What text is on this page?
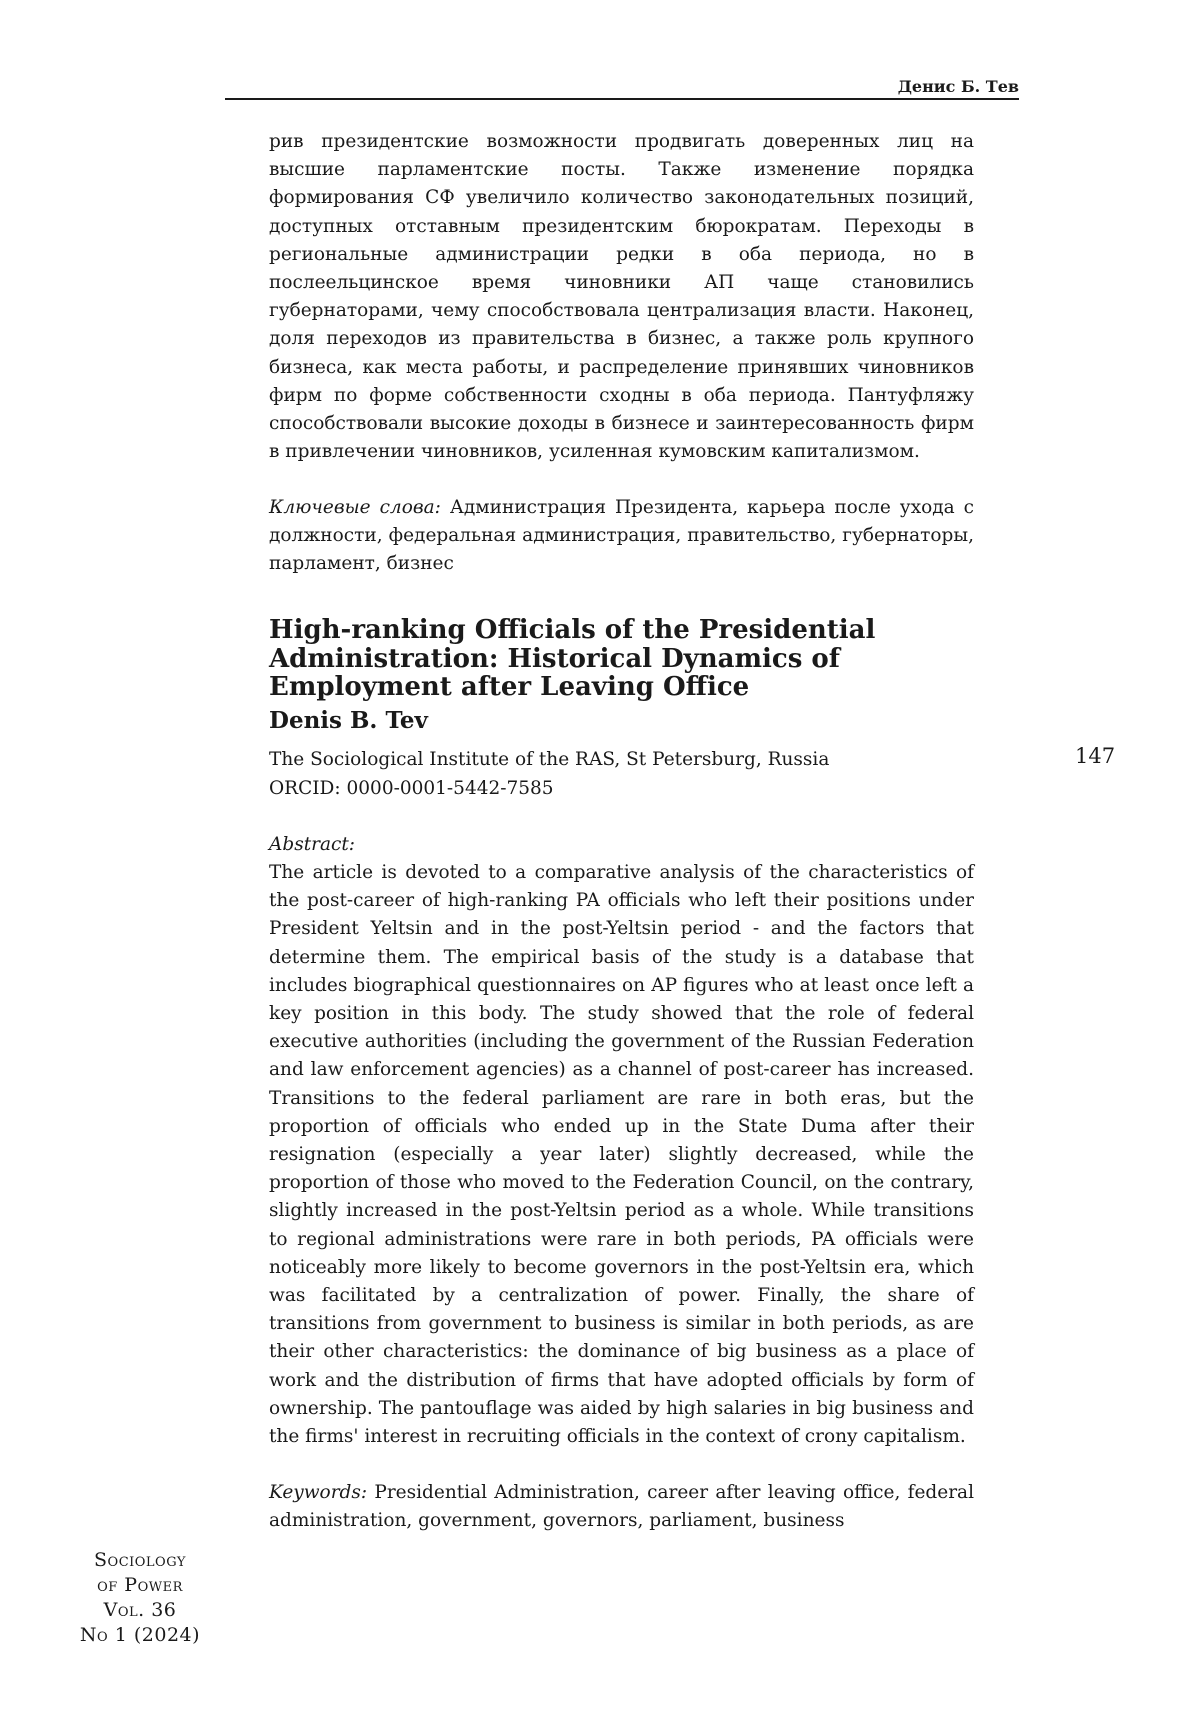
Денис Б. Тев

рив президентские возможности продвигать доверенных лиц на высшие парламентские посты. Также изменение порядка формирования СФ увеличило количество законодательных позиций, доступных отставным президентским бюрократам. Переходы в региональные администрации редки в оба периода, но в послеельцинское время чиновники АП чаще становились губернаторами, чему способствовала централизация власти. Наконец, доля переходов из правительства в бизнес, а также роль крупного бизнеса, как места работы, и распределение принявших чиновников фирм по форме собственности сходны в оба периода. Пантуфляжу способствовали высокие доходы в бизнесе и заинтересованность фирм в привлечении чиновников, усиленная кумовским капитализмом.

Ключевые слова: Администрация Президента, карьера после ухода с должности, федеральная администрация, правительство, губернаторы, парламент, бизнес

High-ranking Officials of the Presidential Administration: Historical Dynamics of Employment after Leaving Office
Denis B. Tev
The Sociological Institute of the RAS, St Petersburg, Russia
ORCID: 0000-0001-5442-7585
Abstract:

The article is devoted to a comparative analysis of the characteristics of the post-career of high-ranking PA officials who left their positions under President Yeltsin and in the post-Yeltsin period - and the factors that determine them. The empirical basis of the study is a database that includes biographical questionnaires on AP figures who at least once left a key position in this body. The study showed that the role of federal executive authorities (including the government of the Russian Federation and law enforcement agencies) as a channel of post-career has increased. Transitions to the federal parliament are rare in both eras, but the proportion of officials who ended up in the State Duma after their resignation (especially a year later) slightly decreased, while the proportion of those who moved to the Federation Council, on the contrary, slightly increased in the post-Yeltsin period as a whole. While transitions to regional administrations were rare in both periods, PA officials were noticeably more likely to become governors in the post-Yeltsin era, which was facilitated by a centralization of power. Finally, the share of transitions from government to business is similar in both periods, as are their other characteristics: the dominance of big business as a place of work and the distribution of firms that have adopted officials by form of ownership. The pantouflage was aided by high salaries in big business and the firms' interest in recruiting officials in the context of crony capitalism.

Keywords: Presidential Administration, career after leaving office, federal administration, government, governors, parliament, business

147
Sociology
of Power
Vol. 36
No 1 (2024)
